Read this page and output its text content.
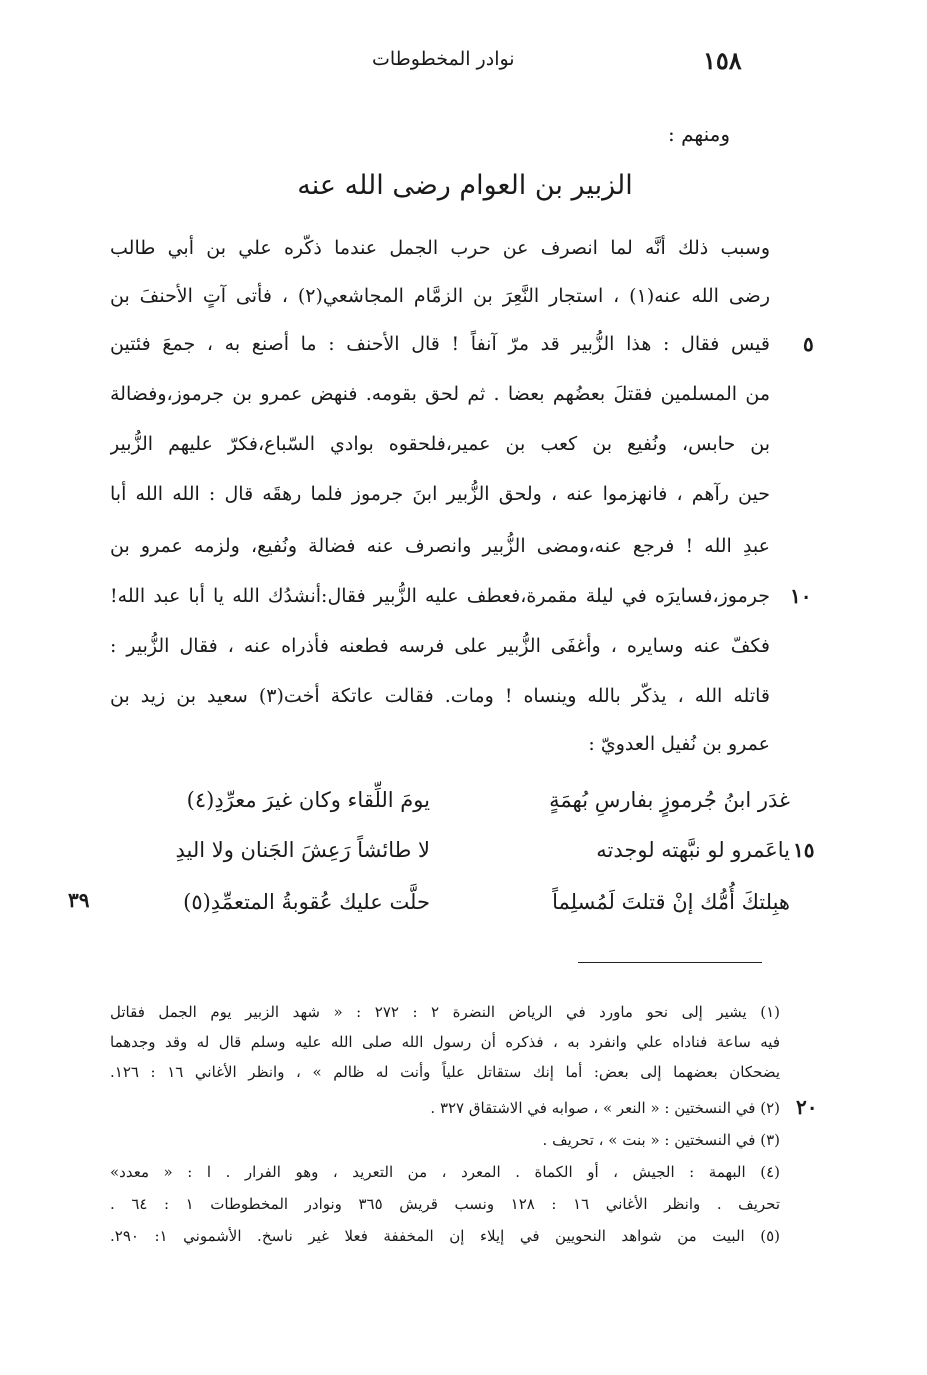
١٥٨
نوادر المخطوطات
ومنهم :
الزبير بن العوام رضى الله عنه
وسبب ذلك أنَّه لما انصرف عن حرب الجمل عندما ذكّره علي بن أبي طالب
رضى الله عنه(١) ، استجار النَّعِرَ بن الزمَّام المجاشعي(٢) ، فأتى آتٍ الأحنفَ بن
قيس فقال : هذا الزُّبير قد مرّ آنفاً ! قال الأحنف : ما أصنع به ، جمعَ فئتين
من المسلمين فقتلَ بعضُهم بعضا . ثم لحق بقومه. فنهض عمرو بن جرموز،وفضالة
بن حابس، ونُفيع بن كعب بن عمير،فلحقوه بوادي السّباع،فكرّ عليهم الزُّبير
حين رآهم ، فانهزموا عنه ، ولحق الزُّبير ابنَ جرموز فلما رهقَه قال : الله الله أبا
عبدِ الله ! فرجع عنه،ومضى الزُّبير وانصرف عنه فضالة ونُفيع، ولزمه عمرو بن
جرموز،فسايرَه في ليلة مقمرة،فعطف عليه الزُّبير فقال:أنشدُك الله يا أبا عبد الله!
فكفّ عنه وسايره ، وأغفَى الزُّبير على فرسه فطعنه فأذراه عنه ، فقال الزُّبير :
قاتله الله ، يذكّر بالله وينساه ! ومات. فقالت عاتكة أخت(٣) سعيد بن زيد بن
عمرو بن نُفيل العدويّ :
٥
١٠
١٥
٢٠
٣٩
غدَر ابنُ جُرموزٍ بفارسِ بُهمَةٍ
يومَ اللِّقاء وكان غيرَ معرِّدِ(٤)
ياعَمرو لو نبَّهته لوجدته
لا طائشاً رَعِشَ الجَنان ولا اليدِ
هبِلتكَ أُمُّك إنْ قتلتَ لَمُسلِماً
حلَّت عليك عُقوبةُ المتعمِّدِ(٥)
(١) يشير إلى نحو ماورد في الرياض النضرة ٢ : ٢٧٢ : « شهد الزبير يوم الجمل فقاتل
فيه ساعة فناداه علي وانفرد به ، فذكره أن رسول الله صلى الله عليه وسلم قال له وقد وجدهما
يضحكان بعضهما إلى بعض: أما إنك ستقاتل علياً وأنت له ظالم » ، وانظر الأغاني ١٦ : ١٢٦.
(٢) في النسختين : « النعر » ، صوابه في الاشتقاق ٣٢٧ .
(٣) في النسختين : « بنت » ، تحريف .
(٤) البهمة : الجيش ، أو الكماة . المعرد ، من التعريد ، وهو الفرار . ا : « معدد»
تحريف . وانظر الأغاني ١٦ : ١٢٨ ونسب قريش ٣٦٥ ونوادر المخطوطات ١ : ٦٤ .
(٥) البيت من شواهد النحويين في إيلاء إن المخففة فعلا غير ناسخ. الأشموني ١: ٢٩٠.
